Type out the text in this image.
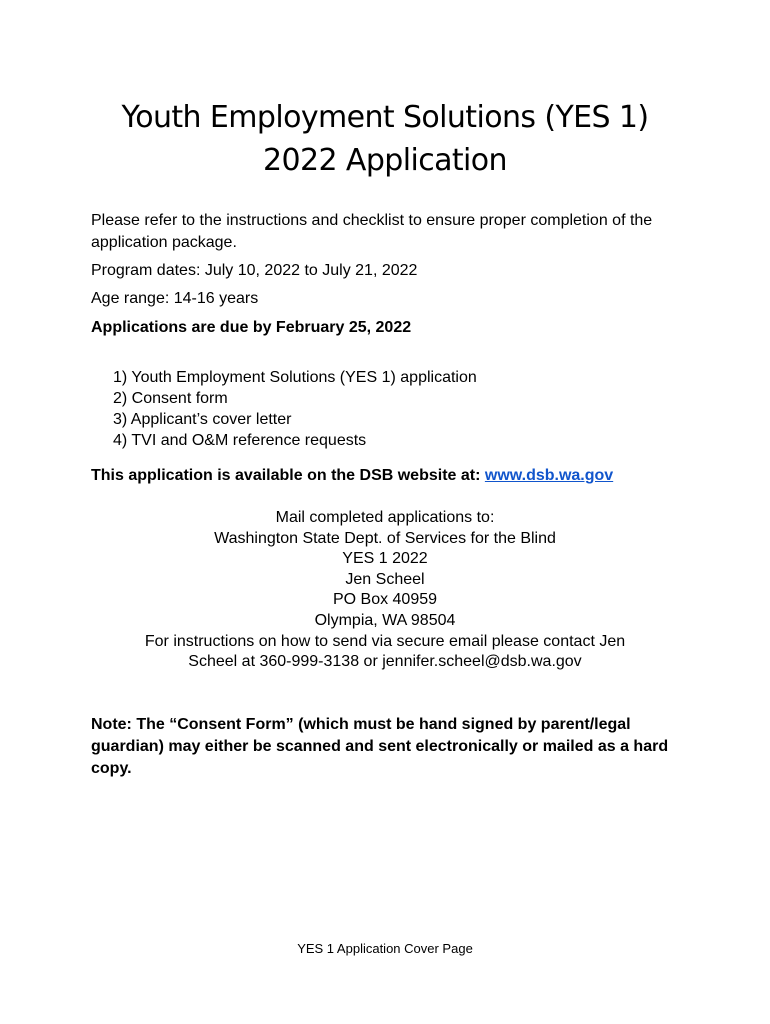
Youth Employment Solutions (YES 1)
2022 Application

Please refer to the instructions and checklist to ensure proper completion of the application package.

Program dates: July 10, 2022 to July 21, 2022

Age range: 14-16 years

Applications are due by February 25, 2022

1) Youth Employment Solutions (YES 1) application
2) Consent form
3) Applicant’s cover letter
4) TVI and O&M reference requests

This application is available on the DSB website at: www.dsb.wa.gov

Mail completed applications to:
Washington State Dept. of Services for the Blind
YES 1 2022
Jen Scheel
PO Box 40959
Olympia, WA 98504
For instructions on how to send via secure email please contact Jen
Scheel at 360-999-3138 or jennifer.scheel@dsb.wa.gov

Note: The “Consent Form” (which must be hand signed by parent/legal guardian) may either be scanned and sent electronically or mailed as a hard copy.

YES 1 Application Cover Page
